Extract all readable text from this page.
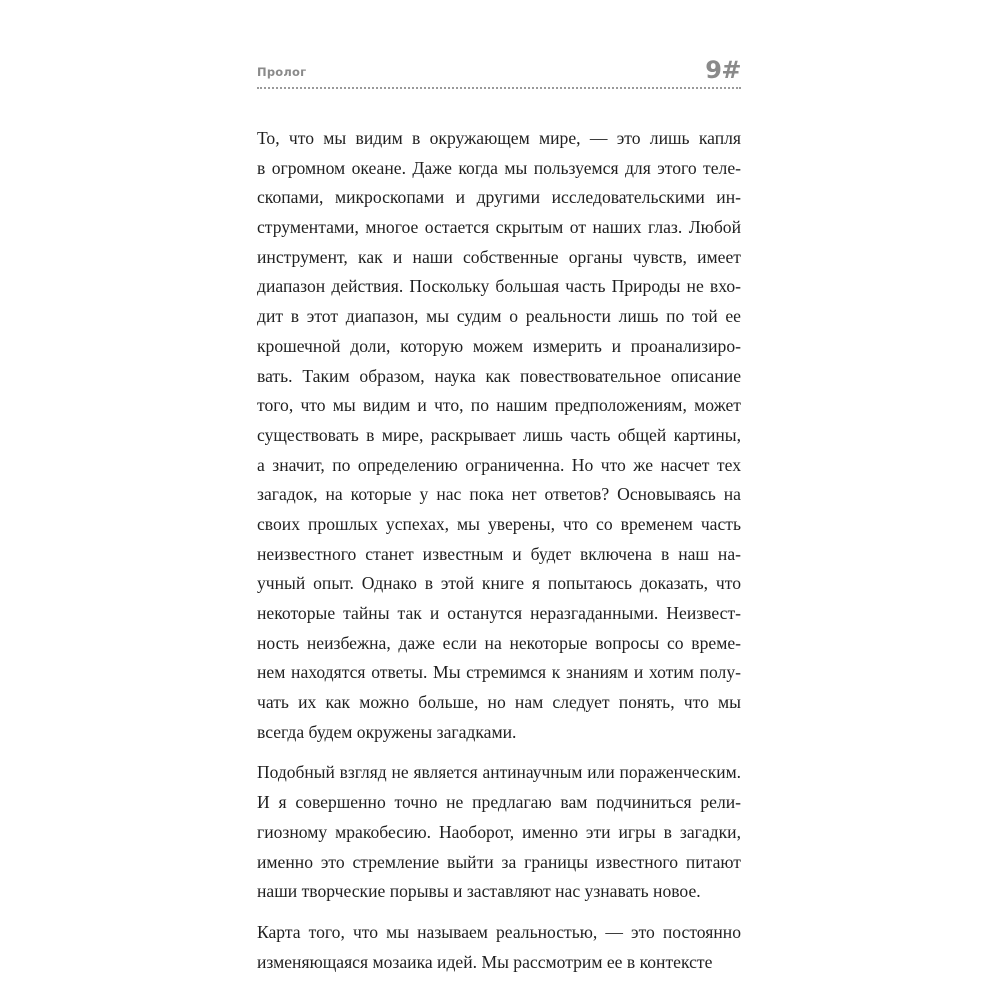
Пролог	9#
То, что мы видим в окружающем мире, — это лишь капля
в огромном океане. Даже когда мы пользуемся для этого теле-
скопами, микроскопами и другими исследовательскими ин-
струментами, многое остается скрытым от наших глаз. Любой
инструмент, как и наши собственные органы чувств, имеет
диапазон действия. Поскольку большая часть Природы не вхо-
дит в этот диапазон, мы судим о реальности лишь по той ее
крошечной доли, которую можем измерить и проанализиро-
вать. Таким образом, наука как повествовательное описание
того, что мы видим и что, по нашим предположениям, может
существовать в мире, раскрывает лишь часть общей картины,
а значит, по определению ограниченна. Но что же насчет тех
загадок, на которые у нас пока нет ответов? Основываясь на
своих прошлых успехах, мы уверены, что со временем часть
неизвестного станет известным и будет включена в наш на-
учный опыт. Однако в этой книге я попытаюсь доказать, что
некоторые тайны так и останутся неразгаданными. Неизвест-
ность неизбежна, даже если на некоторые вопросы со време-
нем находятся ответы. Мы стремимся к знаниям и хотим полу-
чать их как можно больше, но нам следует понять, что мы
всегда будем окружены загадками.
Подобный взгляд не является антинаучным или пораженческим.
И я совершенно точно не предлагаю вам подчиниться рели-
гиозному мракобесию. Наоборот, именно эти игры в загадки,
именно это стремление выйти за границы известного питают
наши творческие порывы и заставляют нас узнавать новое.
Карта того, что мы называем реальностью, — это постоянно
изменяющаяся мозаика идей. Мы рассмотрим ее в контексте
